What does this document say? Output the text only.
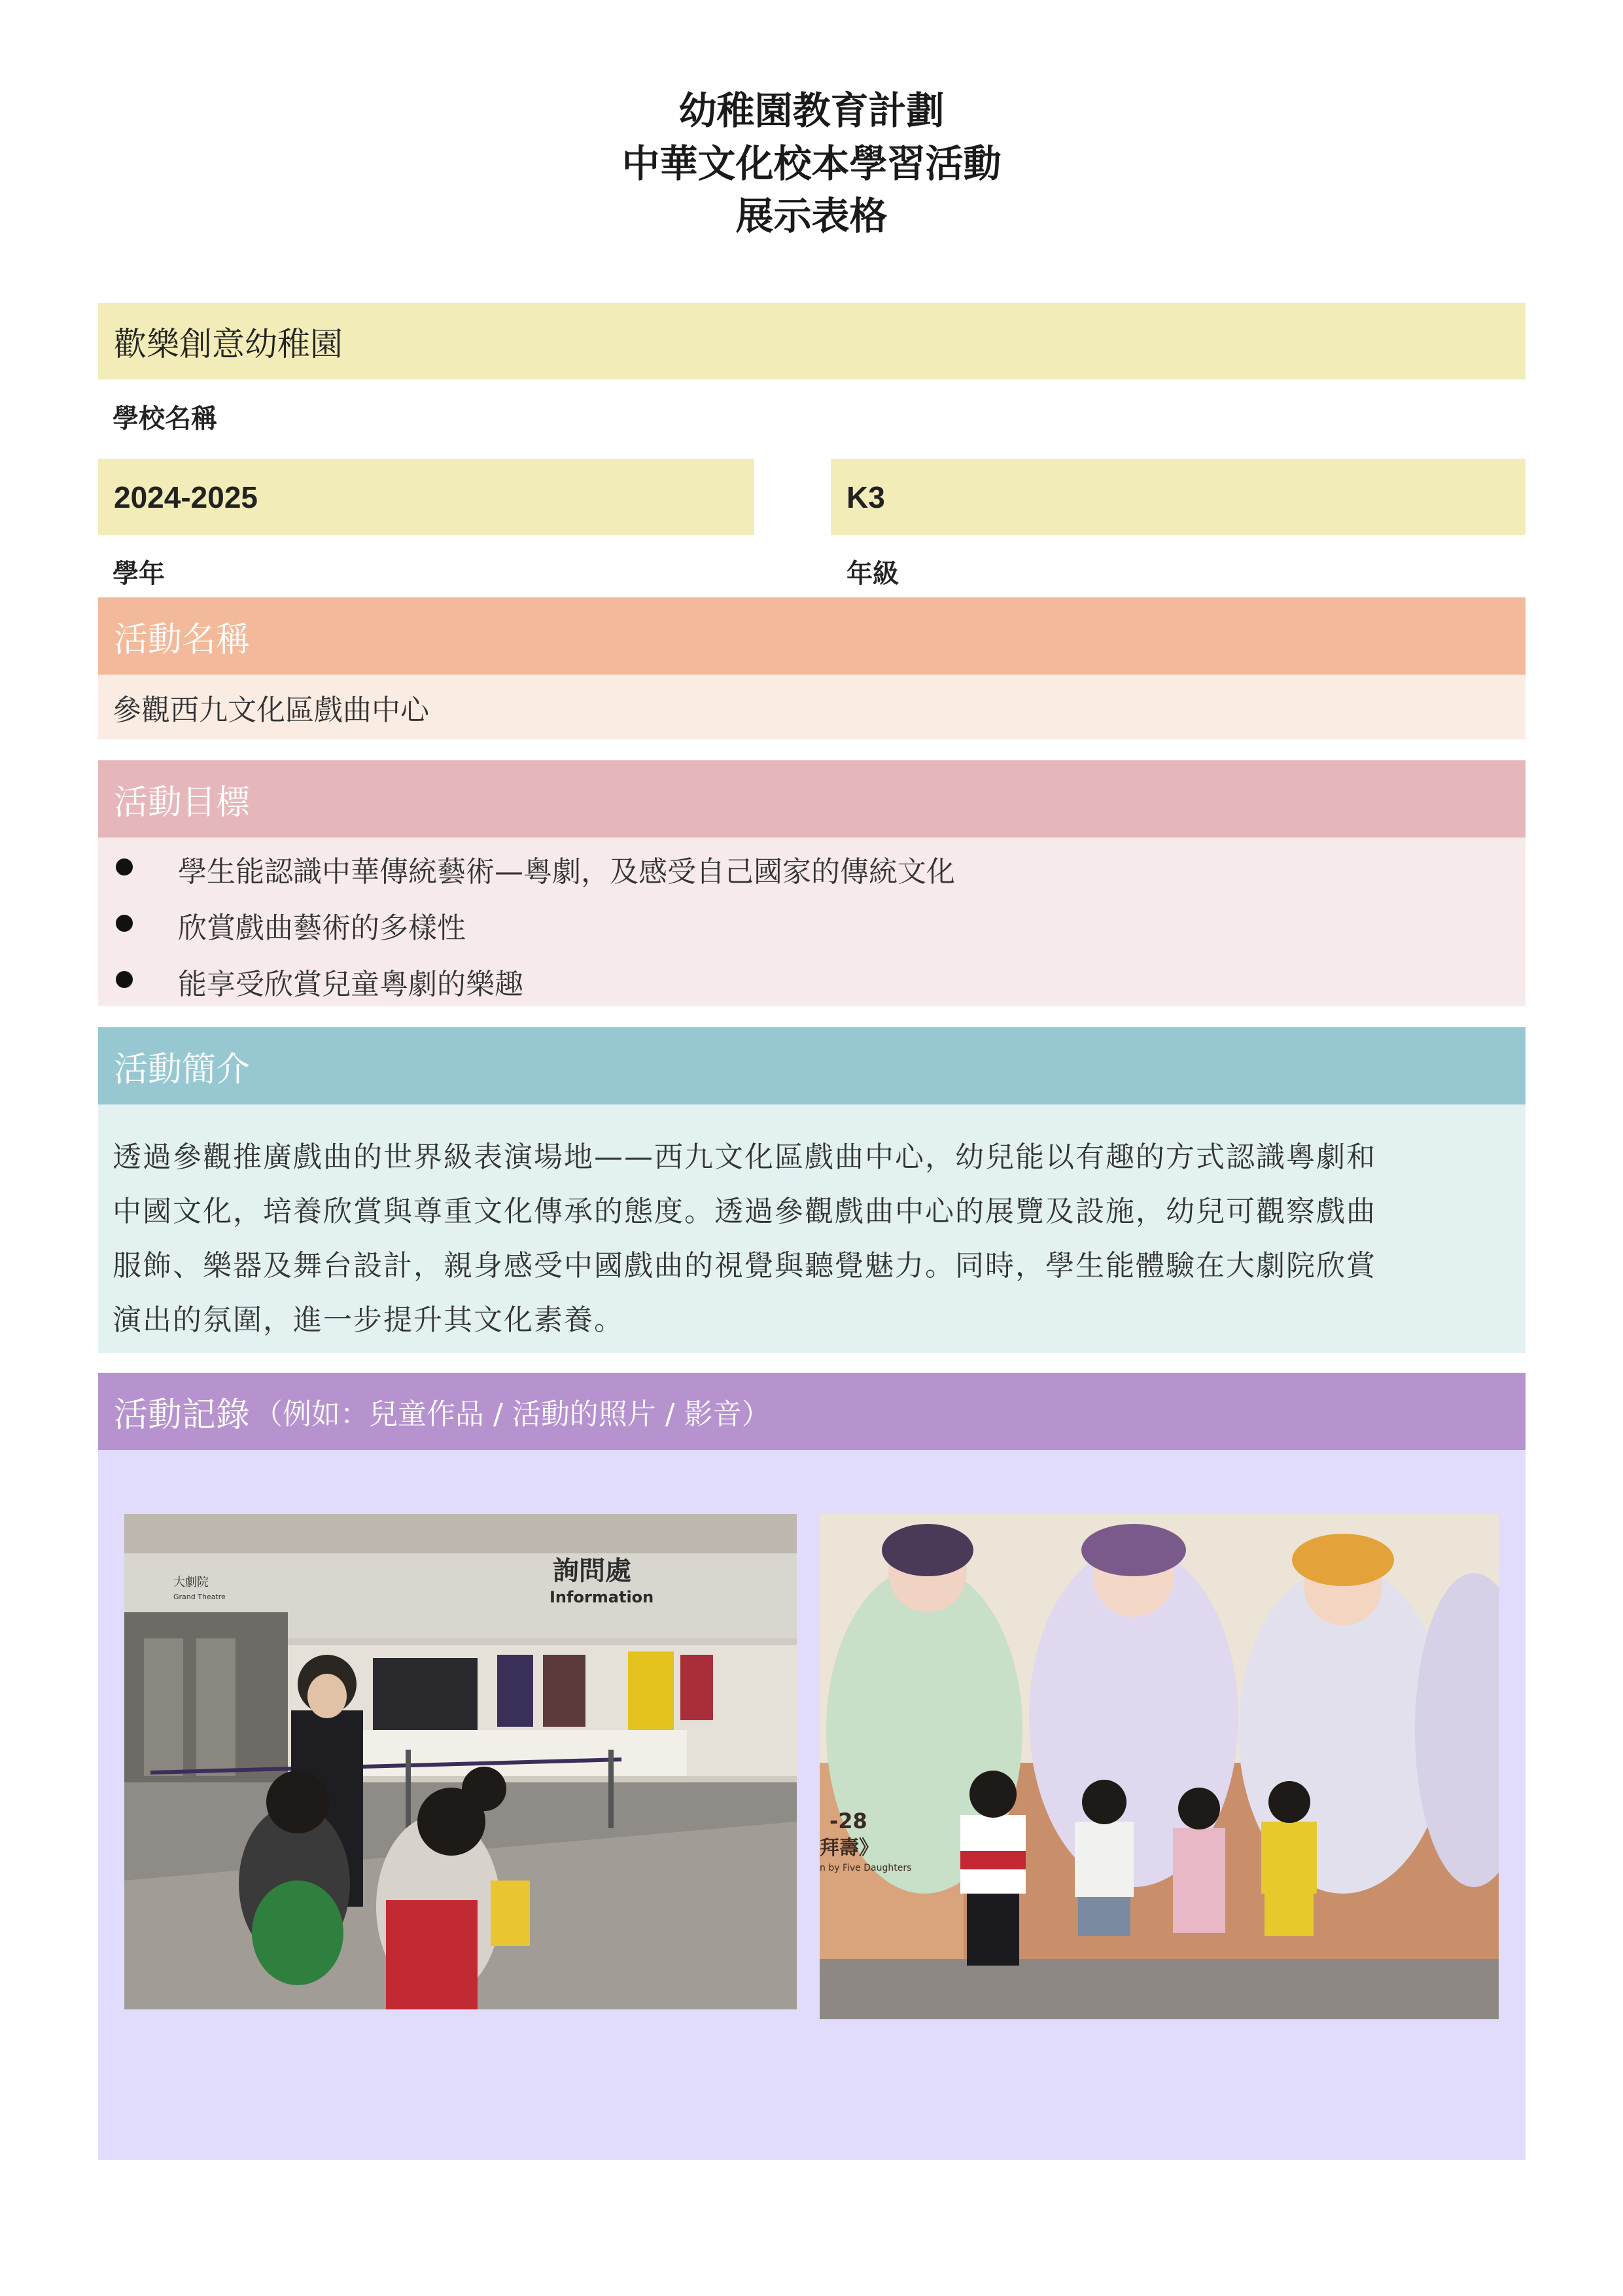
幼稚園教育計劃
中華文化校本學習活動
展示表格
歡樂創意幼稚園
學校名稱
2024-2025
學年
K3
年級
活動名稱
參觀西九文化區戲曲中心
活動目標
學生能認識中華傳統藝術—粵劇，及感受自己國家的傳統文化
欣賞戲曲藝術的多樣性
能享受欣賞兒童粵劇的樂趣
活動簡介
透過參觀推廣戲曲的世界級表演場地——西九文化區戲曲中心，幼兒能以有趣的方式認識粵劇和
中國文化，培養欣賞與尊重文化傳承的態度。透過參觀戲曲中心的展覽及設施，幼兒可觀察戲曲
服飾、樂器及舞台設計，親身感受中國戲曲的視覺與聽覺魅力。同時，學生能體驗在大劇院欣賞
演出的氛圍，進一步提升其文化素養。
活動記錄 （例如：兒童作品 / 活動的照片 / 影音）
詢問處
Information
大劇院
Grand Theatre
-28
拜壽》
n by Five Daughters
